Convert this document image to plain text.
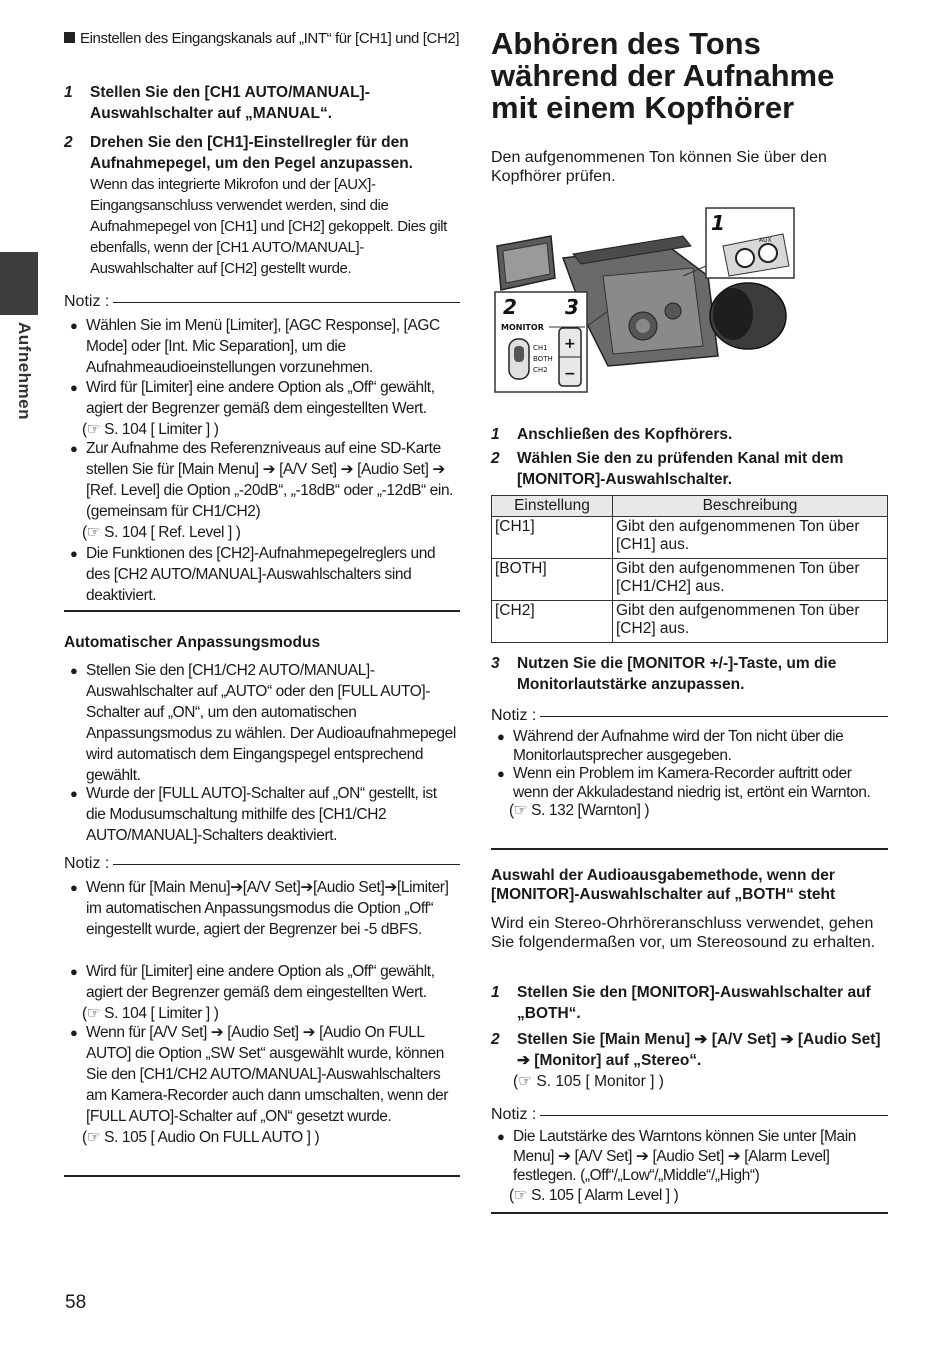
Aufnehmen

Einstellen des Eingangskanals auf „INT“ für [CH1] und [CH2]

1 Stellen Sie den [CH1 AUTO/MANUAL]-Auswahlschalter auf „MANUAL“.
2 Drehen Sie den [CH1]-Einstellregler für den Aufnahmepegel, um den Pegel anzupassen.
Wenn das integrierte Mikrofon und der [AUX]-Eingangsanschluss verwendet werden, sind die Aufnahmepegel von [CH1] und [CH2] gekoppelt. Dies gilt ebenfalls, wenn der [CH1 AUTO/MANUAL]-Auswahlschalter auf [CH2] gestellt wurde.
Notiz :
● Wählen Sie im Menü [Limiter], [AGC Response], [AGC Mode] oder [Int. Mic Separation], um die Aufnahmeaudioeinstellungen vorzunehmen.
● Wird für [Limiter] eine andere Option als „Off“ gewählt, agiert der Begrenzer gemäß dem eingestellten Wert.
(☞ S. 104 [ Limiter ] )
● Zur Aufnahme des Referenzniveaus auf eine SD-Karte stellen Sie für [Main Menu] ➔ [A/V Set] ➔ [Audio Set] ➔ [Ref. Level] die Option „-20dB“, „-18dB“ oder „-12dB“ ein. (gemeinsam für CH1/CH2)
(☞ S. 104 [ Ref. Level ] )
● Die Funktionen des [CH2]-Aufnahmepegelreglers und des [CH2 AUTO/MANUAL]-Auswahlschalters sind deaktiviert.

Automatischer Anpassungsmodus

● Stellen Sie den [CH1/CH2 AUTO/MANUAL]-Auswahlschalter auf „AUTO“ oder den [FULL AUTO]-Schalter auf „ON“, um den automatischen Anpassungsmodus zu wählen. Der Audioaufnahmepegel wird automatisch dem Eingangspegel entsprechend gewählt.
● Wurde der [FULL AUTO]-Schalter auf „ON“ gestellt, ist die Modusumschaltung mithilfe des [CH1/CH2 AUTO/MANUAL]-Schalters deaktiviert.
Notiz :
● Wenn für [Main Menu]➔[A/V Set]➔[Audio Set]➔[Limiter] im automatischen Anpassungsmodus die Option „Off“ eingestellt wurde, agiert der Begrenzer bei -5 dBFS.
● Wird für [Limiter] eine andere Option als „Off“ gewählt, agiert der Begrenzer gemäß dem eingestellten Wert.
(☞ S. 104 [ Limiter ] )
● Wenn für [A/V Set] ➔ [Audio Set] ➔ [Audio On FULL AUTO] die Option „SW Set“ ausgewählt wurde, können Sie den [CH1/CH2 AUTO/MANUAL]-Auswahlschalters am Kamera-Recorder auch dann umschalten, wenn der [FULL AUTO]-Schalter auf „ON“ gesetzt wurde.
(☞ S. 105 [ Audio On FULL AUTO ] )
Abhören des Tons während der Aufnahme mit einem Kopfhörer

Den aufgenommenen Ton können Sie über den Kopfhörer prüfen.

1
AUX
2 3
MONITOR
CH1
BOTH
CH2
+
−
1 Anschließen des Kopfhörers.
2 Wählen Sie den zu prüfenden Kanal mit dem [MONITOR]-Auswahlschalter.
Einstellung	Beschreibung
[CH1]	Gibt den aufgenommenen Ton über [CH1] aus.
[BOTH]	Gibt den aufgenommenen Ton über [CH1/CH2] aus.
[CH2]	Gibt den aufgenommenen Ton über [CH2] aus.
3 Nutzen Sie die [MONITOR +/-]-Taste, um die Monitorlautstärke anzupassen.
Notiz :
● Während der Aufnahme wird der Ton nicht über die Monitorlautsprecher ausgegeben.
● Wenn ein Problem im Kamera-Recorder auftritt oder wenn der Akkuladestand niedrig ist, ertönt ein Warnton.
(☞ S. 132 [Warnton] )

Auswahl der Audioausgabemethode, wenn der [MONITOR]-Auswahlschalter auf „BOTH“ steht

Wird ein Stereo-Ohrhöreranschluss verwendet, gehen Sie folgendermaßen vor, um Stereosound zu erhalten.

1 Stellen Sie den [MONITOR]-Auswahlschalter auf „BOTH“.
2 Stellen Sie [Main Menu] ➔ [A/V Set] ➔ [Audio Set] ➔ [Monitor] auf „Stereo“.
(☞ S. 105 [ Monitor ] )
Notiz :
● Die Lautstärke des Warntons können Sie unter [Main Menu] ➔ [A/V Set] ➔ [Audio Set] ➔ [Alarm Level] festlegen. („Off“/„Low“/„Middle“/„High“)
(☞ S. 105 [ Alarm Level ] )
58
